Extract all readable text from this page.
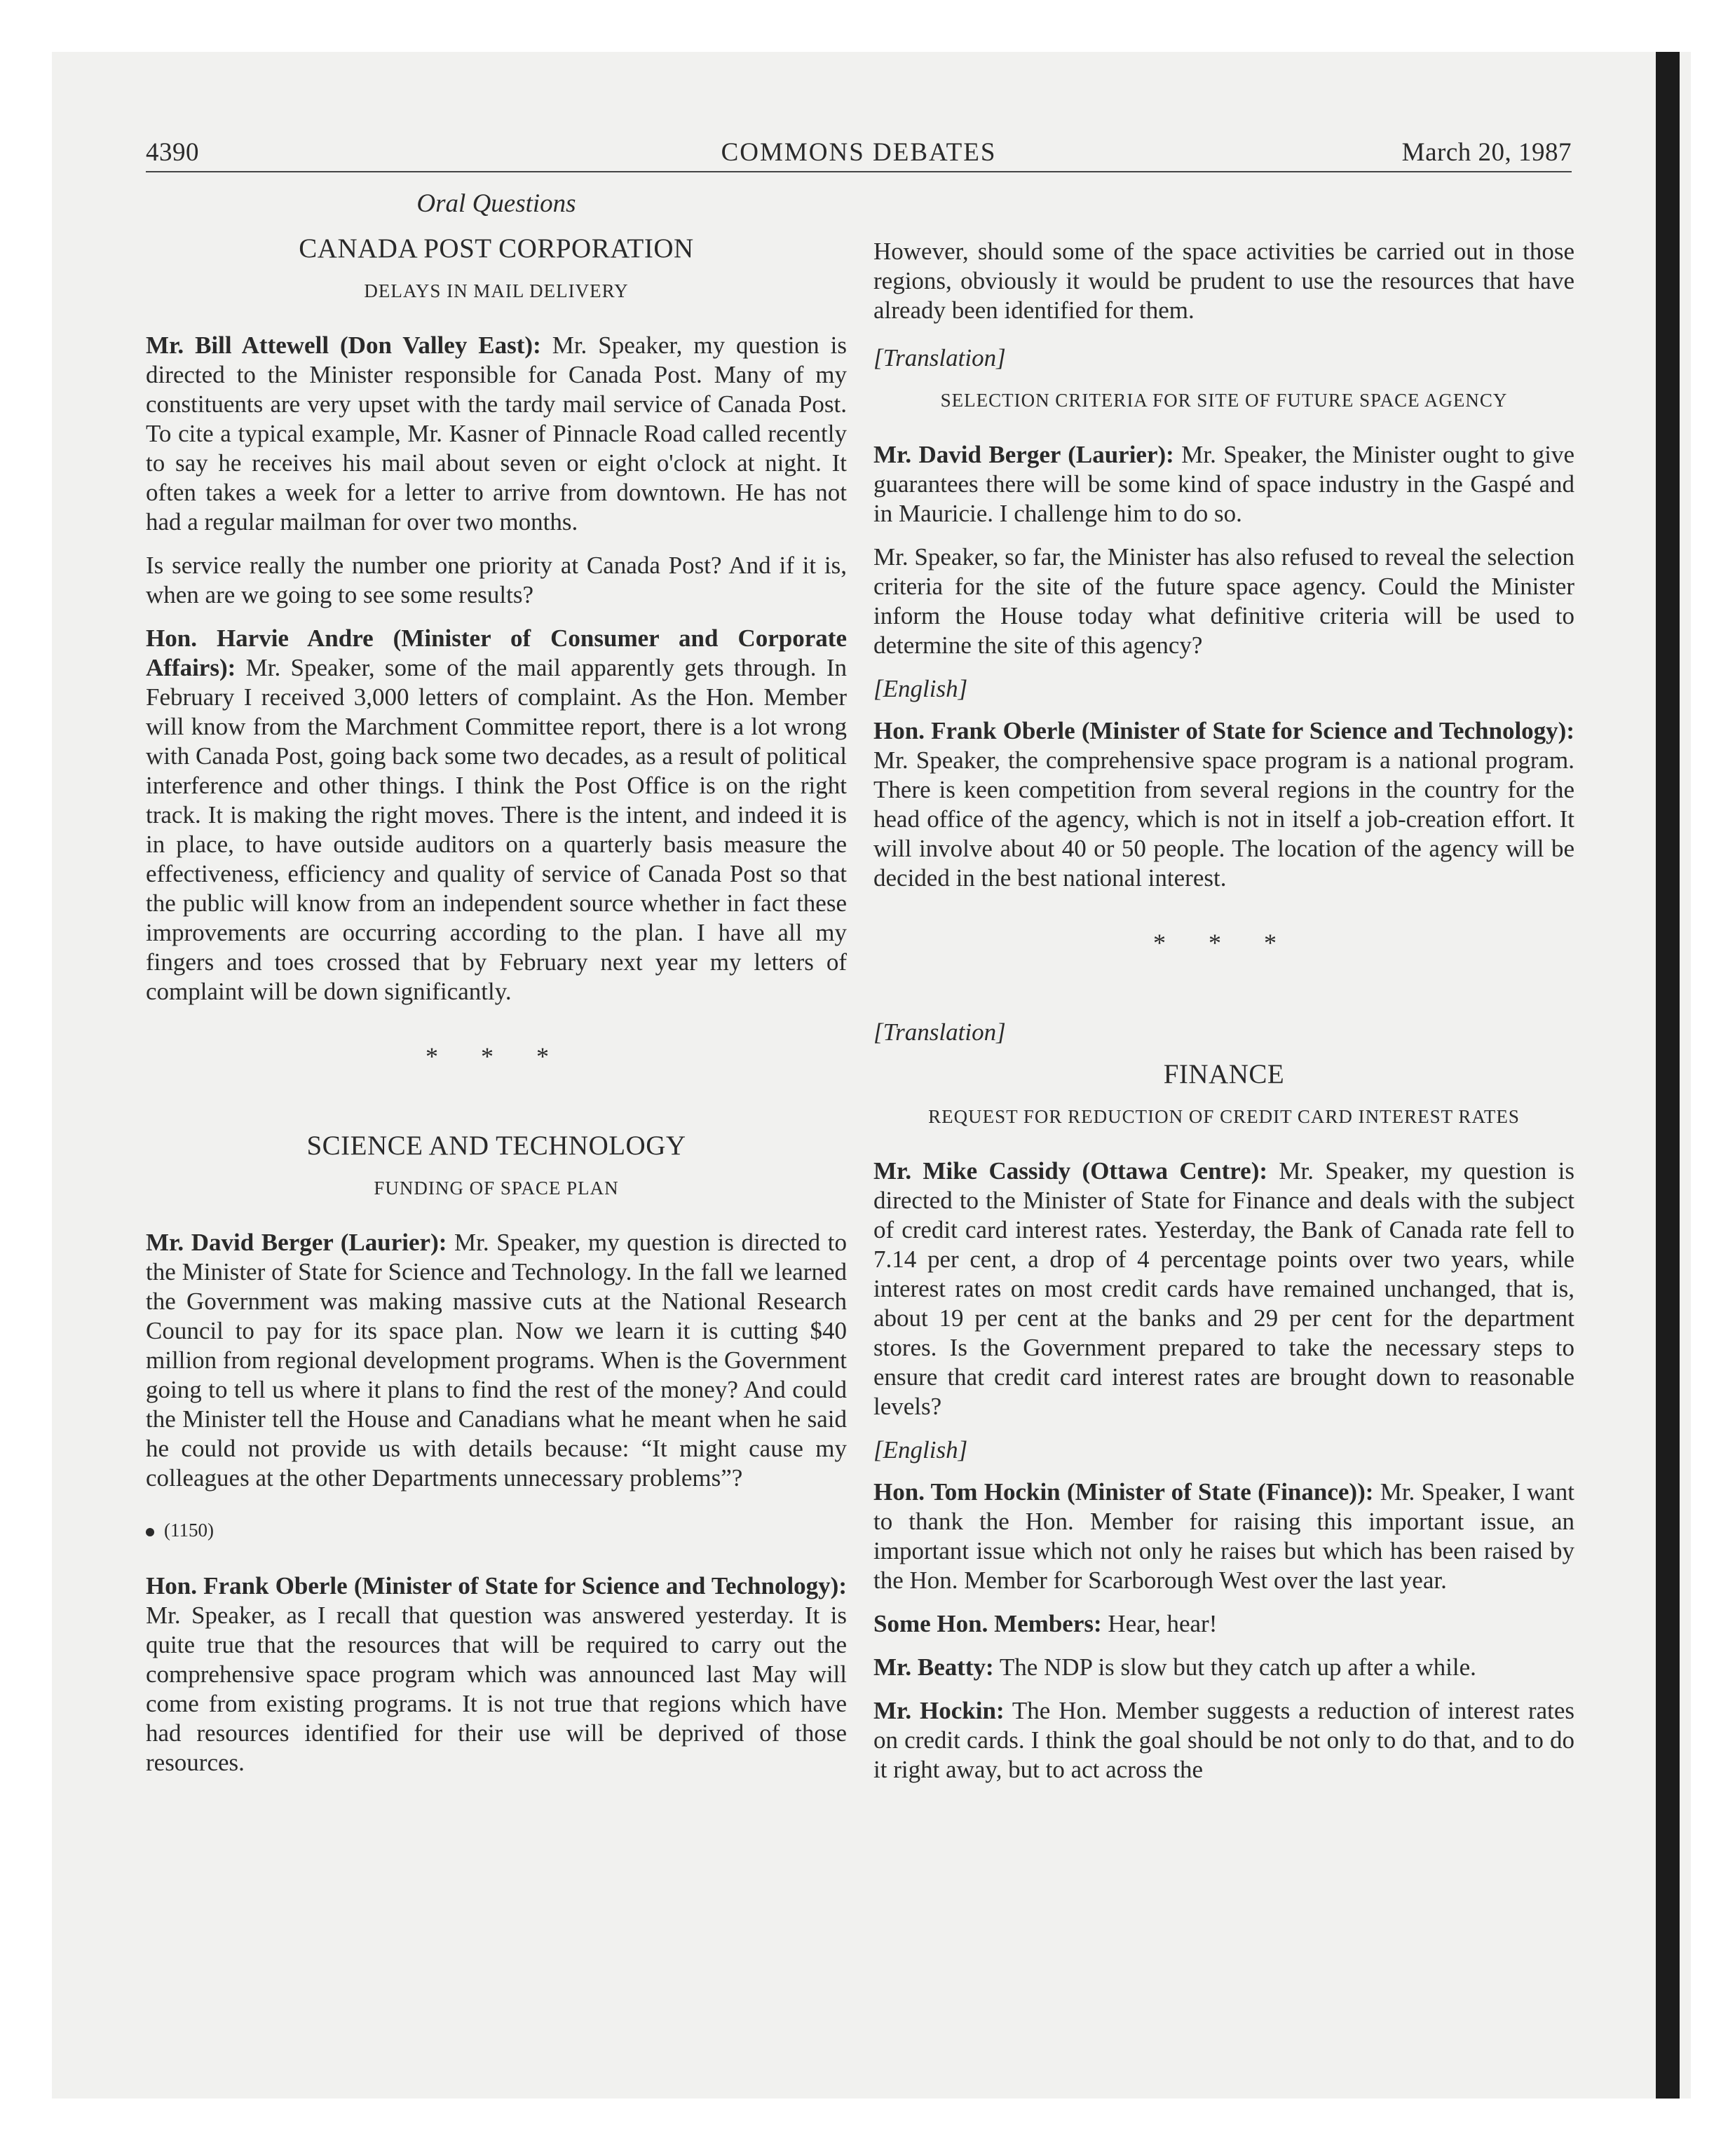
4390	COMMONS DEBATES	March 20, 1987
Oral Questions
CANADA POST CORPORATION
DELAYS IN MAIL DELIVERY

Mr. Bill Attewell (Don Valley East): Mr. Speaker, my question is directed to the Minister responsible for Canada Post. Many of my constituents are very upset with the tardy mail service of Canada Post. To cite a typical example, Mr. Kasner of Pinnacle Road called recently to say he receives his mail about seven or eight o'clock at night. It often takes a week for a letter to arrive from downtown. He has not had a regular mailman for over two months.

Is service really the number one priority at Canada Post? And if it is, when are we going to see some results?

Hon. Harvie Andre (Minister of Consumer and Corporate Affairs): Mr. Speaker, some of the mail apparently gets through. In February I received 3,000 letters of complaint. As the Hon. Member will know from the Marchment Committee report, there is a lot wrong with Canada Post, going back some two decades, as a result of political interference and other things. I think the Post Office is on the right track. It is making the right moves. There is the intent, and indeed it is in place, to have outside auditors on a quarterly basis measure the effectiveness, efficiency and quality of service of Canada Post so that the public will know from an independent source whether in fact these improvements are occurring according to the plan. I have all my fingers and toes crossed that by February next year my letters of complaint will be down significantly.

* * *
SCIENCE AND TECHNOLOGY
FUNDING OF SPACE PLAN

Mr. David Berger (Laurier): Mr. Speaker, my question is directed to the Minister of State for Science and Technology. In the fall we learned the Government was making massive cuts at the National Research Council to pay for its space plan. Now we learn it is cutting $40 million from regional development programs. When is the Government going to tell us where it plans to find the rest of the money? And could the Minister tell the House and Canadians what he meant when he said he could not provide us with details because: “It might cause my colleagues at the other Departments unnecessary problems”?

(1150)

Hon. Frank Oberle (Minister of State for Science and Technology): Mr. Speaker, as I recall that question was answered yesterday. It is quite true that the resources that will be required to carry out the comprehensive space program which was announced last May will come from existing programs. It is not true that regions which have had resources identified for their use will be deprived of those resources.

However, should some of the space activities be carried out in those regions, obviously it would be prudent to use the resources that have already been identified for them.

[Translation]
SELECTION CRITERIA FOR SITE OF FUTURE SPACE AGENCY

Mr. David Berger (Laurier): Mr. Speaker, the Minister ought to give guarantees there will be some kind of space industry in the Gaspé and in Mauricie. I challenge him to do so.

Mr. Speaker, so far, the Minister has also refused to reveal the selection criteria for the site of the future space agency. Could the Minister inform the House today what definitive criteria will be used to determine the site of this agency?

[English]

Hon. Frank Oberle (Minister of State for Science and Technology): Mr. Speaker, the comprehensive space program is a national program. There is keen competition from several regions in the country for the head office of the agency, which is not in itself a job-creation effort. It will involve about 40 or 50 people. The location of the agency will be decided in the best national interest.

* * *
[Translation]
FINANCE
REQUEST FOR REDUCTION OF CREDIT CARD INTEREST RATES

Mr. Mike Cassidy (Ottawa Centre): Mr. Speaker, my question is directed to the Minister of State for Finance and deals with the subject of credit card interest rates. Yesterday, the Bank of Canada rate fell to 7.14 per cent, a drop of 4 percentage points over two years, while interest rates on most credit cards have remained unchanged, that is, about 19 per cent at the banks and 29 per cent for the department stores. Is the Government prepared to take the necessary steps to ensure that credit card interest rates are brought down to reasonable levels?

[English]

Hon. Tom Hockin (Minister of State (Finance)): Mr. Speaker, I want to thank the Hon. Member for raising this important issue, an important issue which not only he raises but which has been raised by the Hon. Member for Scarborough West over the last year.

Some Hon. Members: Hear, hear!

Mr. Beatty: The NDP is slow but they catch up after a while.

Mr. Hockin: The Hon. Member suggests a reduction of interest rates on credit cards. I think the goal should be not only to do that, and to do it right away, but to act across the
